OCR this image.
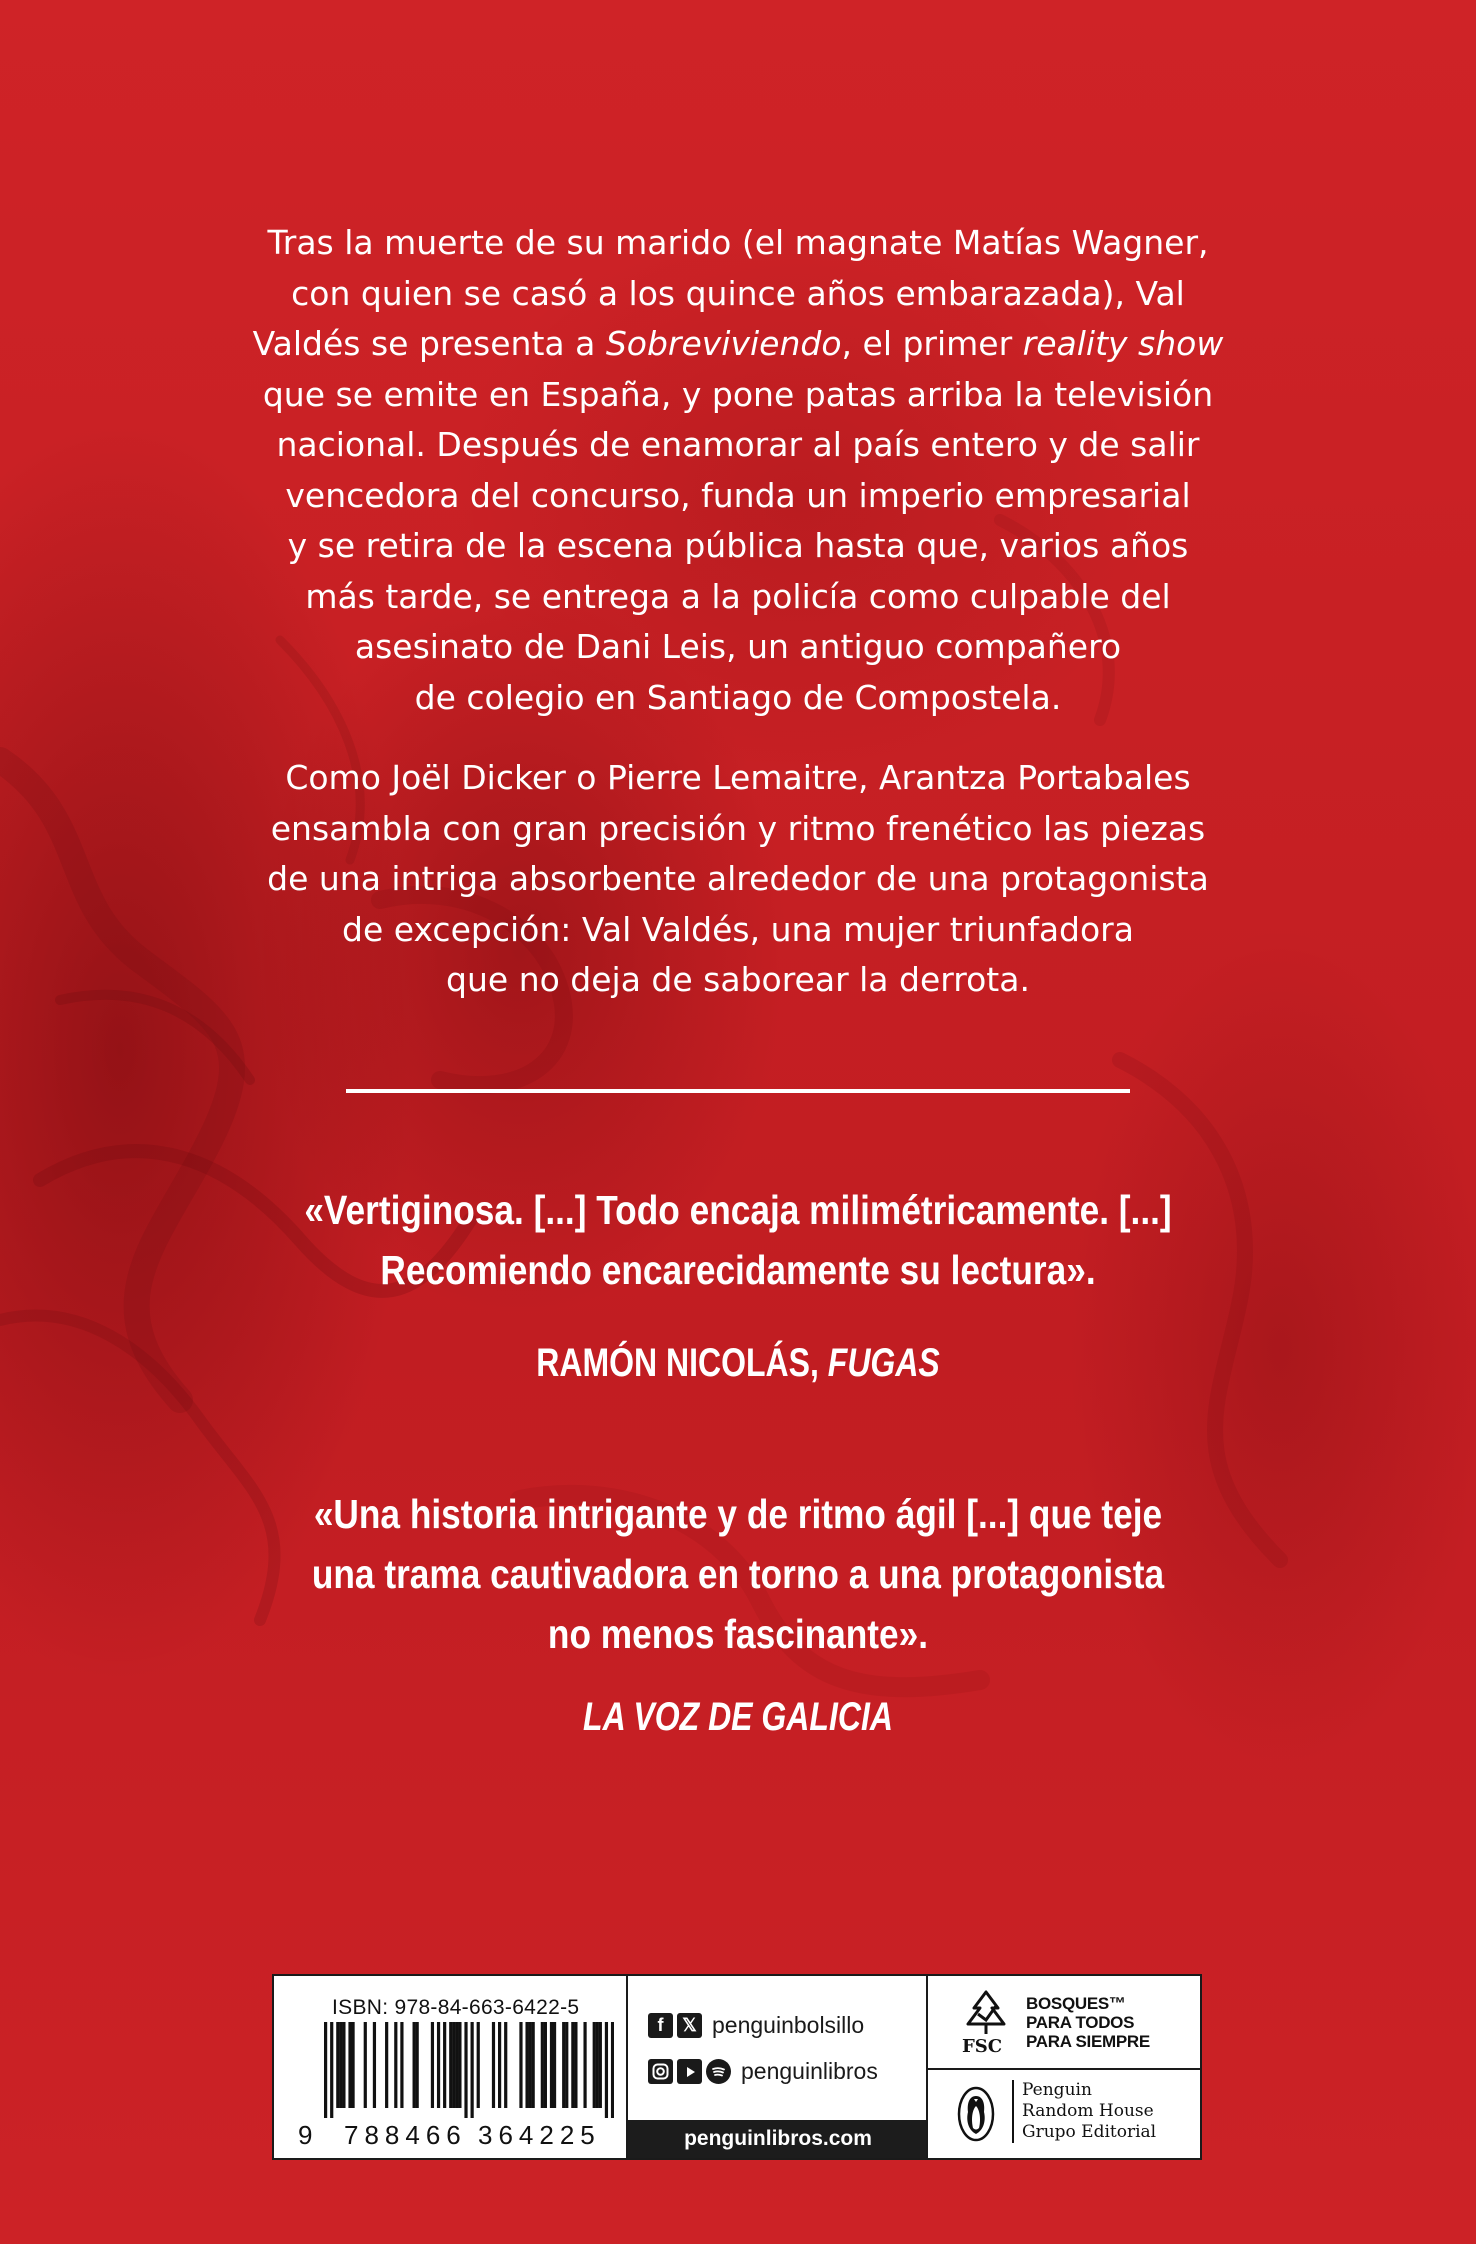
Tras la muerte de su marido (el magnate Matías Wagner,
con quien se casó a los quince años embarazada), Val
Valdés se presenta a Sobreviviendo, el primer reality show
que se emite en España, y pone patas arriba la televisión
nacional. Después de enamorar al país entero y de salir
vencedora del concurso, funda un imperio empresarial
y se retira de la escena pública hasta que, varios años
más tarde, se entrega a la policía como culpable del
asesinato de Dani Leis, un antiguo compañero
de colegio en Santiago de Compostela.

Como Joël Dicker o Pierre Lemaitre, Arantza Portabales
ensambla con gran precisión y ritmo frenético las piezas
de una intriga absorbente alrededor de una protagonista
de excepción: Val Valdés, una mujer triunfadora
que no deja de saborear la derrota.

«Vertiginosa. [...] Todo encaja milimétricamente. [...]
Recomiendo encarecidamente su lectura».
RAMÓN NICOLÁS, FUGAS
«Una historia intrigante y de ritmo ágil [...] que teje
una trama cautivadora en torno a una protagonista
no menos fascinante».
LA VOZ DE GALICIA
ISBN: 978-84-663-6422-5
9 788466 364225
f	𝕏 penguinbolsillo
penguinlibros
penguinlibros.com
FSC
BOSQUES™
PARA TODOS
PARA SIEMPRE
Penguin
Random House
Grupo Editorial
